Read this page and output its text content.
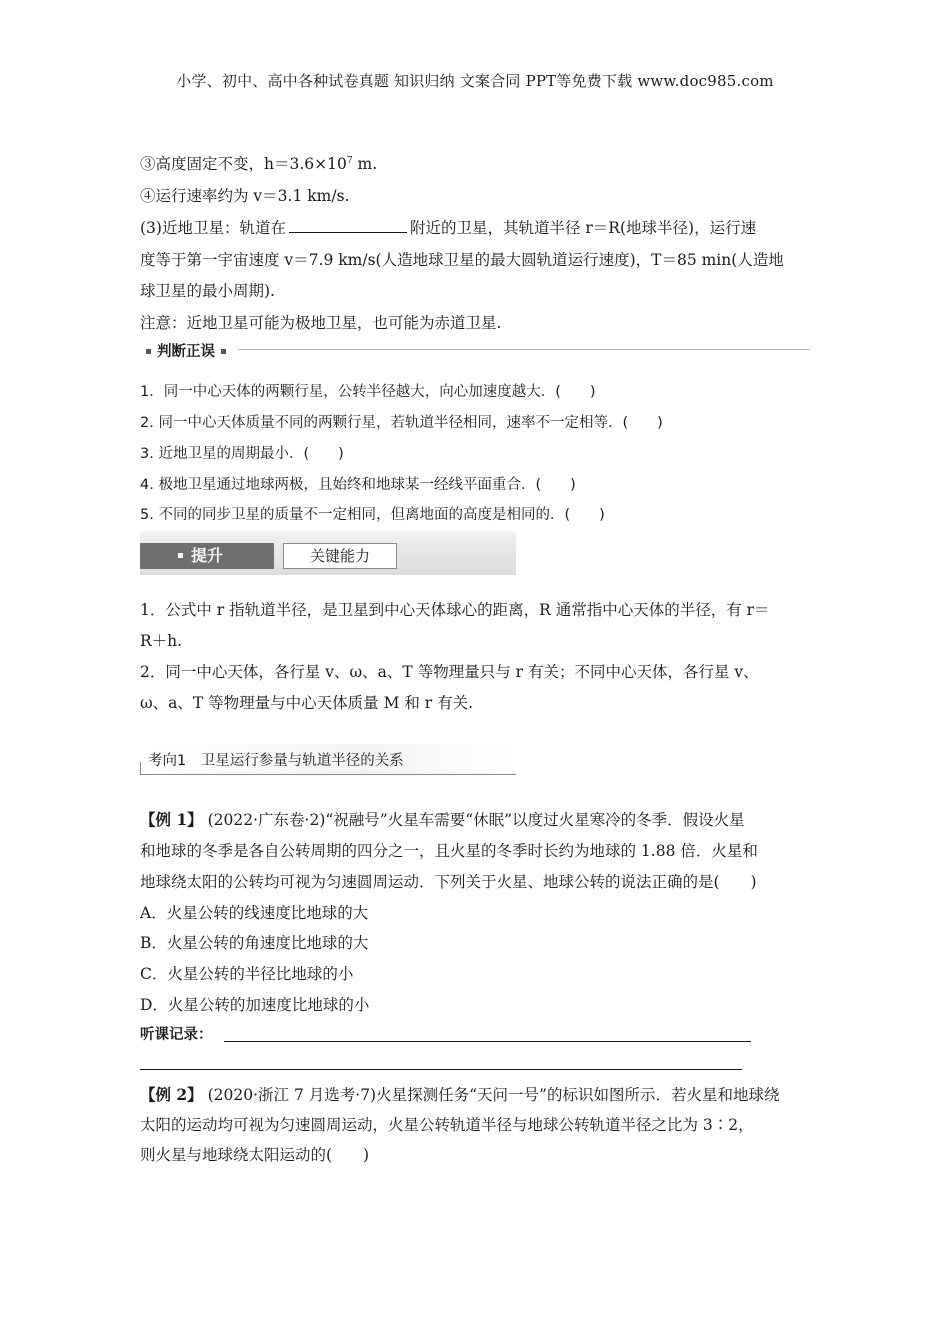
小学、初中、高中各种试卷真题 知识归纳 文案合同 PPT等免费下载 www.doc985.com
③高度固定不变，$h=3.6\times 10^7$ m.
④运行速率约为 v＝3.1 km/s.
(3)近地卫星：轨道在	附近的卫星，其轨道半径 r＝R(地球半径)，运行速
度等于第一宇宙速度 v＝7.9 km/s(人造地球卫星的最大圆轨道运行速度)，T＝85 min(人造地
球卫星的最小周期).
注意：近地卫星可能为极地卫星，也可能为赤道卫星.
判断正误
1．同一中心天体的两颗行星，公转半径越大，向心加速度越大．(　　)
2. 同一中心天体质量不同的两颗行星，若轨道半径相同，速率不一定相等．(　　)
3. 近地卫星的周期最小．(　　)
4. 极地卫星通过地球两极，且始终和地球某一经线平面重合．(　　)
5. 不同的同步卫星的质量不一定相同，但离地面的高度是相同的．(　　)
提升	关键能力
1．公式中 r 指轨道半径，是卫星到中心天体球心的距离，R 通常指中心天体的半径，有 r＝
R＋h.
2．同一中心天体，各行星 v、ω、a、T 等物理量只与 r 有关；不同中心天体，各行星 v、
ω、a、T 等物理量与中心天体质量 M 和 r 有关.
考向1　卫星运行参量与轨道半径的关系
【例 1】 (2022·广东卷·2)“祝融号”火星车需要“休眠”以度过火星寒冷的冬季．假设火星
和地球的冬季是各自公转周期的四分之一，且火星的冬季时长约为地球的 1.88 倍．火星和
地球绕太阳的公转均可视为匀速圆周运动．下列关于火星、地球公转的说法正确的是(　　)
A．火星公转的线速度比地球的大
B．火星公转的角速度比地球的大
C．火星公转的半径比地球的小
D．火星公转的加速度比地球的小
听课记录：
【例 2】 (2020·浙江 7 月选考·7)火星探测任务“天问一号”的标识如图所示．若火星和地球绕
太阳的运动均可视为匀速圆周运动，火星公转轨道半径与地球公转轨道半径之比为 3∶2，
则火星与地球绕太阳运动的(　　)
